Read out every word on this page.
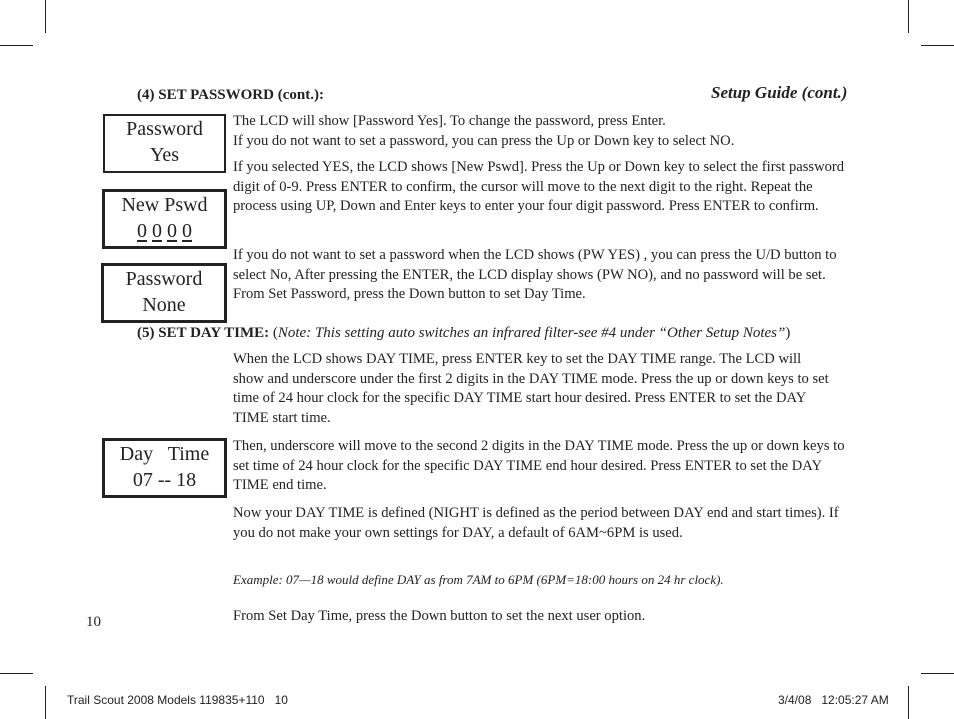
(4) SET PASSWORD (cont.):	Setup Guide (cont.)
Password
Yes
New Pswd
0 0 0 0
Password
None
Day   Time
07 -- 18
The LCD will show [Password Yes]. To change the password, press Enter.
If you do not want to set a password, you can press the Up or Down key to select NO.
If you selected YES, the LCD shows [New Pswd]. Press the Up or Down key to select the first password digit of 0-9. Press ENTER to confirm, the cursor will move to the next digit to the right. Repeat the process using UP, Down and Enter keys to enter your four digit password. Press ENTER to confirm.
If you do not want to set a password when the LCD shows (PW YES) , you can press the U/D button to select No, After pressing the ENTER, the LCD display shows (PW NO), and no password will be set. From Set Password, press the Down button to set Day Time.
(5) SET DAY TIME: (Note: This setting auto switches an infrared filter-see #4 under “Other Setup Notes”)
When the LCD shows DAY TIME, press ENTER key to set the DAY TIME range. The LCD will show and underscore under the first 2 digits in the DAY TIME mode. Press the up or down keys to set time of 24 hour clock for the specific DAY TIME start hour desired. Press ENTER to set the DAY TIME start time.
Then, underscore will move to the second 2 digits in the DAY TIME mode. Press the up or down keys to set time of 24 hour clock for the specific DAY TIME end hour desired. Press ENTER to set the DAY TIME end time.
Now your DAY TIME is defined (NIGHT is defined as the period between DAY end and start times). If you do not make your own settings for DAY, a default of 6AM~6PM is used.
Example: 07—18 would define DAY as from 7AM to 6PM (6PM=18:00 hours on 24 hr clock).
From Set Day Time, press the Down button to set the next user option.
10
Trail Scout 2008 Models 119835+110   10	3/4/08   12:05:27 AM
